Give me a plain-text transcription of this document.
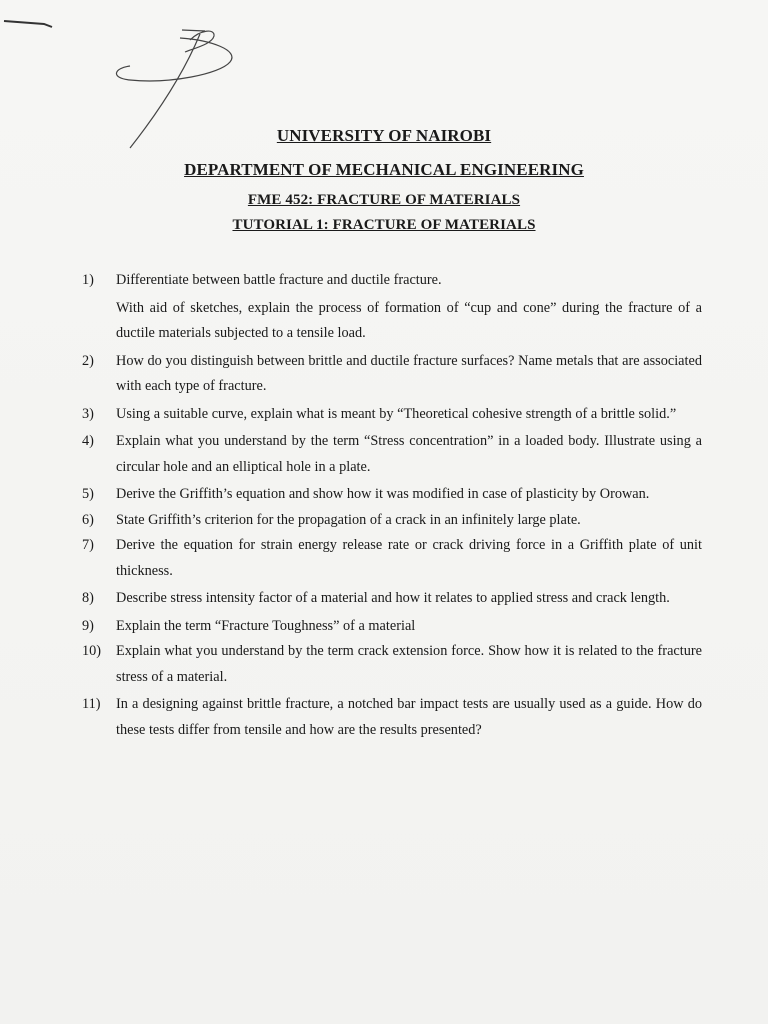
UNIVERSITY OF NAIROBI
DEPARTMENT OF MECHANICAL ENGINEERING
FME 452: FRACTURE OF MATERIALS
TUTORIAL 1: FRACTURE OF MATERIALS
1)	Differentiate between battle fracture and ductile fracture.
With aid of sketches, explain the process of formation of “cup and cone” during the fracture of a ductile materials subjected to a tensile load.
2)	How do you distinguish between brittle and ductile fracture surfaces? Name metals that are associated with each type of fracture.
3)	Using a suitable curve, explain what is meant by “Theoretical cohesive strength of a brittle solid.”
4)	Explain what you understand by the term “Stress concentration” in a loaded body. Illustrate using a circular hole and an elliptical hole in a plate.
5)	Derive the Griffith’s equation and show how it was modified in case of plasticity by Orowan.
6)	State Griffith’s criterion for the propagation of a crack in an infinitely large plate.
7)	Derive the equation for strain energy release rate or crack driving force in a Griffith plate of unit thickness.
8)	Describe stress intensity factor of a material and how it relates to applied stress and crack length.
9)	Explain the term “Fracture Toughness” of a material
10)	Explain what you understand by the term crack extension force. Show how it is related to the fracture stress of a material.
11)	In a designing against brittle fracture, a notched bar impact tests are usually used as a guide. How do these tests differ from tensile and how are the results presented?
